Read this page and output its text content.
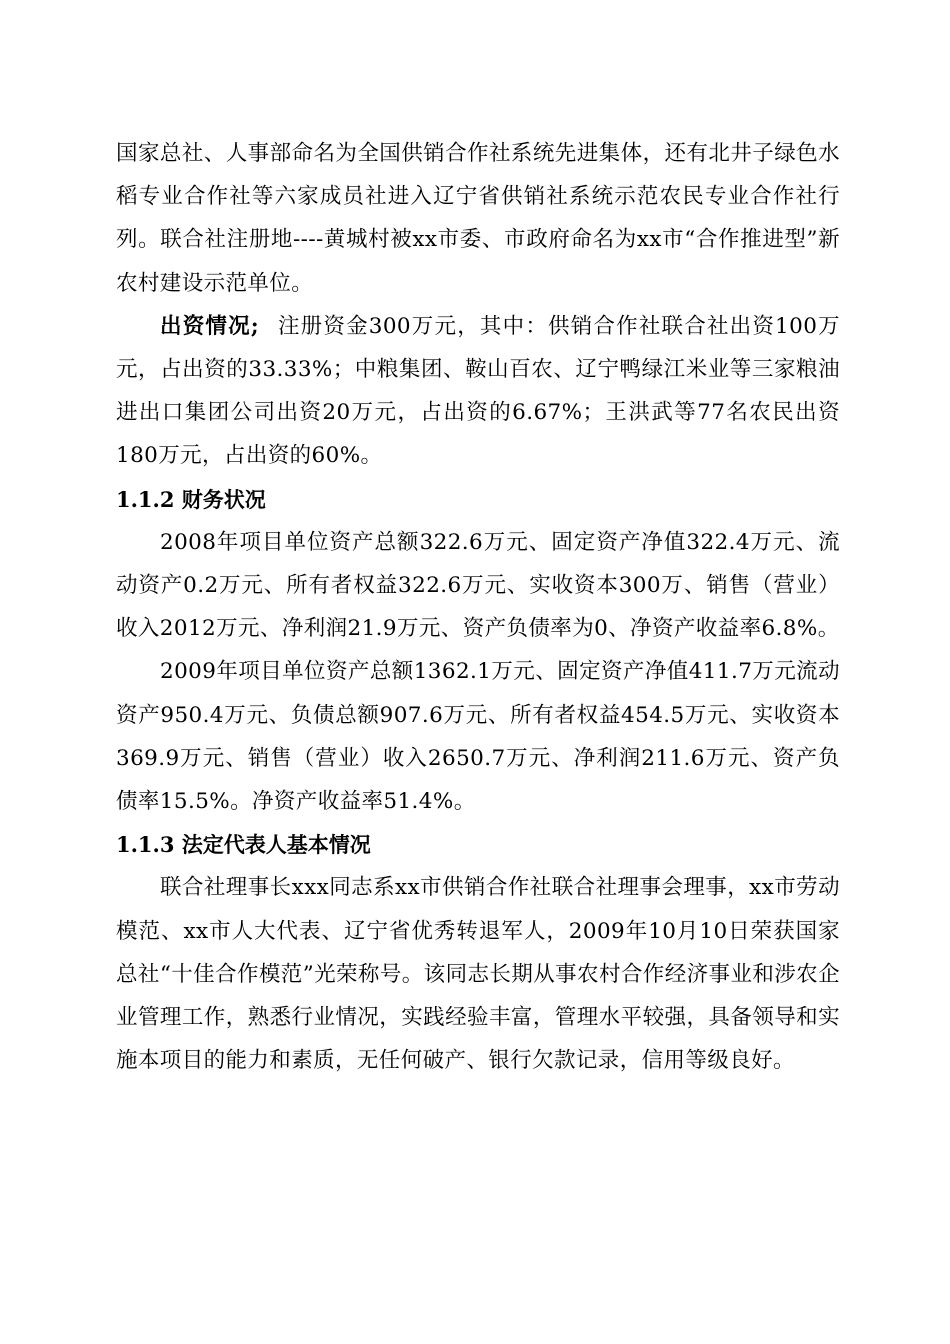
国家总社、人事部命名为全国供销合作社系统先进集体，还有北井子绿色水稻专业合作社等六家成员社进入辽宁省供销社系统示范农民专业合作社行列。联合社注册地----黄城村被xx市委、市政府命名为xx市“合作推进型”新农村建设示范单位。

出资情况; 注册资金300万元，其中：供销合作社联合社出资100万元，占出资的33.33%；中粮集团、鞍山百农、辽宁鸭绿江米业等三家粮油进出口集团公司出资20万元，占出资的6.67%；王洪武等77名农民出资180万元，占出资的60%。

1.1.2 财务状况

2008年项目单位资产总额322.6万元、固定资产净值322.4万元、流动资产0.2万元、所有者权益322.6万元、实收资本300万、销售（营业）收入2012万元、净利润21.9万元、资产负债率为0、净资产收益率6.8%。

2009年项目单位资产总额1362.1万元、固定资产净值411.7万元流动资产950.4万元、负债总额907.6万元、所有者权益454.5万元、实收资本369.9万元、销售（营业）收入2650.7万元、净利润211.6万元、资产负债率15.5%。净资产收益率51.4%。

1.1.3 法定代表人基本情况

联合社理事长xxx同志系xx市供销合作社联合社理事会理事，xx市劳动模范、xx市人大代表、辽宁省优秀转退军人，2009年10月10日荣获国家总社“十佳合作模范”光荣称号。该同志长期从事农村合作经济事业和涉农企业管理工作，熟悉行业情况，实践经验丰富，管理水平较强，具备领导和实施本项目的能力和素质，无任何破产、银行欠款记录，信用等级良好。
